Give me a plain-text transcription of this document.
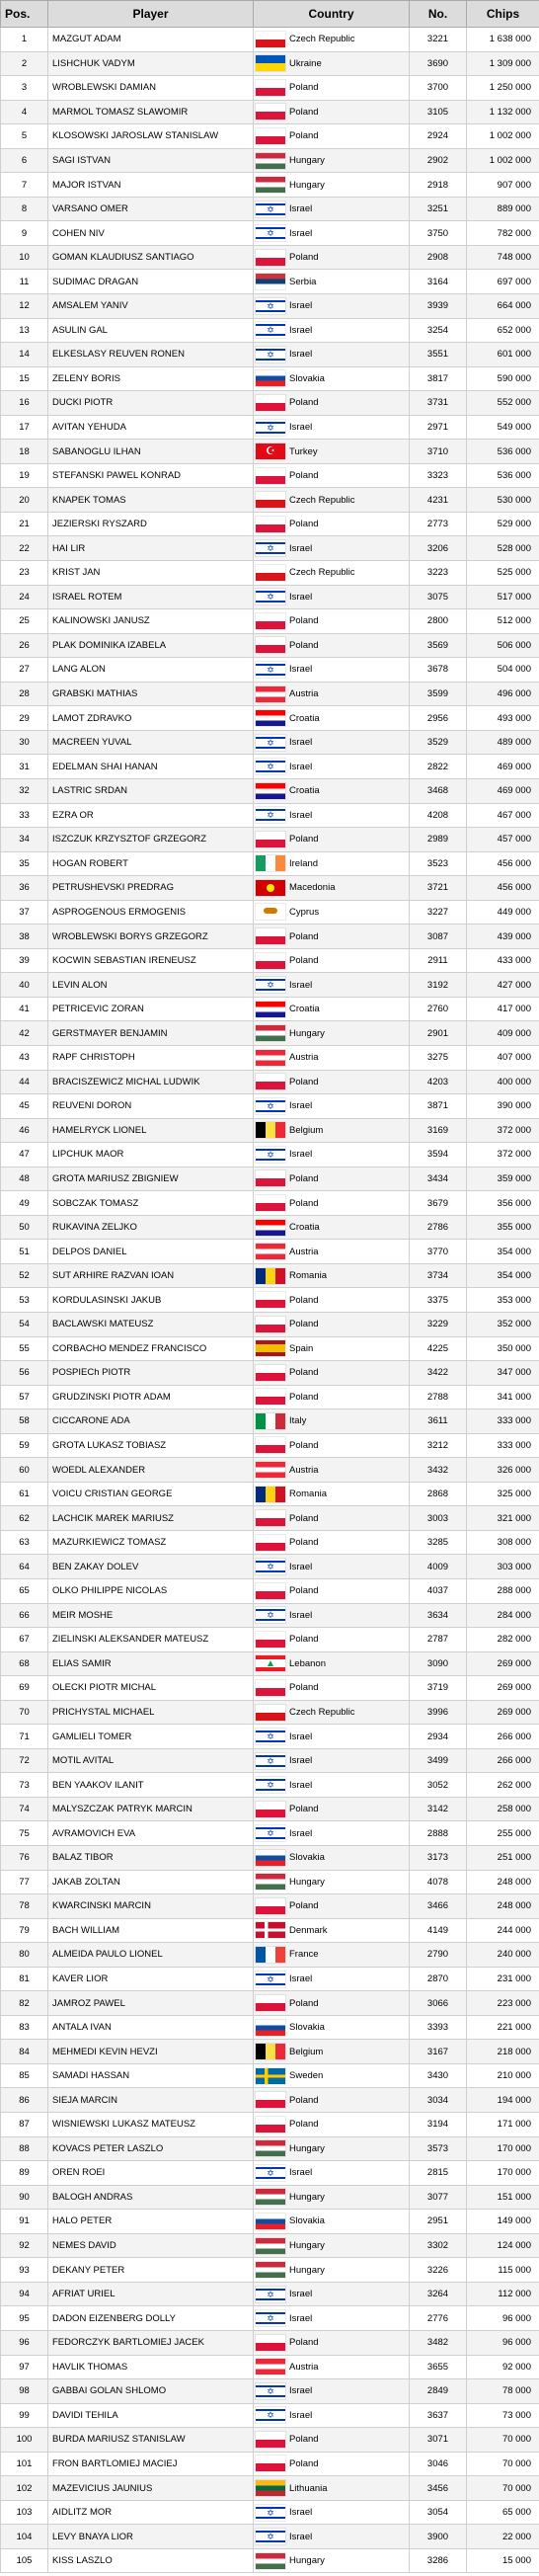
Pos.	Player	Country	No.	Chips
1	MAZGUT ADAM	Czech Republic	3221	1 638 000
2	LISHCHUK VADYM	Ukraine	3690	1 309 000
3	WROBLEWSKI DAMIAN	Poland	3700	1 250 000
4	MARMOL TOMASZ SLAWOMIR	Poland	3105	1 132 000
5	KLOSOWSKI JAROSLAW STANISLAW	Poland	2924	1 002 000
6	SAGI ISTVAN	Hungary	2902	1 002 000
7	MAJOR ISTVAN	Hungary	2918	907 000
8	VARSANO OMER	✡ Israel	3251	889 000
9	COHEN NIV	✡ Israel	3750	782 000
10	GOMAN KLAUDIUSZ SANTIAGO	Poland	2908	748 000
11	SUDIMAC DRAGAN	Serbia	3164	697 000
12	AMSALEM YANIV	✡ Israel	3939	664 000
13	ASULIN GAL	✡ Israel	3254	652 000
14	ELKESLASY REUVEN RONEN	✡ Israel	3551	601 000
15	ZELENY BORIS	Slovakia	3817	590 000
16	DUCKI PIOTR	Poland	3731	552 000
17	AVITAN YEHUDA	✡ Israel	2971	549 000
18	SABANOGLU ILHAN	☪ Turkey	3710	536 000
19	STEFANSKI PAWEL KONRAD	Poland	3323	536 000
20	KNAPEK TOMAS	Czech Republic	4231	530 000
21	JEZIERSKI RYSZARD	Poland	2773	529 000
22	HAI LIR	✡ Israel	3206	528 000
23	KRIST JAN	Czech Republic	3223	525 000
24	ISRAEL ROTEM	✡ Israel	3075	517 000
25	KALINOWSKI JANUSZ	Poland	2800	512 000
26	PLAK DOMINIKA IZABELA	Poland	3569	506 000
27	LANG ALON	✡ Israel	3678	504 000
28	GRABSKI MATHIAS	Austria	3599	496 000
29	LAMOT ZDRAVKO	Croatia	2956	493 000
30	MACREEN YUVAL	✡ Israel	3529	489 000
31	EDELMAN SHAI HANAN	✡ Israel	2822	469 000
32	LASTRIC SRDAN	Croatia	3468	469 000
33	EZRA OR	✡ Israel	4208	467 000
34	ISZCZUK KRZYSZTOF GRZEGORZ	Poland	2989	457 000
35	HOGAN ROBERT	Ireland	3523	456 000
36	PETRUSHEVSKI PREDRAG	Macedonia	3721	456 000
37	ASPROGENOUS ERMOGENIS	Cyprus	3227	449 000
38	WROBLEWSKI BORYS GRZEGORZ	Poland	3087	439 000
39	KOCWIN SEBASTIAN IRENEUSZ	Poland	2911	433 000
40	LEVIN ALON	✡ Israel	3192	427 000
41	PETRICEVIC ZORAN	Croatia	2760	417 000
42	GERSTMAYER BENJAMIN	Hungary	2901	409 000
43	RAPF CHRISTOPH	Austria	3275	407 000
44	BRACISZEWICZ MICHAL LUDWIK	Poland	4203	400 000
45	REUVENI DORON	✡ Israel	3871	390 000
46	HAMELRYCK LIONEL	Belgium	3169	372 000
47	LIPCHUK MAOR	✡ Israel	3594	372 000
48	GROTA MARIUSZ ZBIGNIEW	Poland	3434	359 000
49	SOBCZAK TOMASZ	Poland	3679	356 000
50	RUKAVINA ZELJKO	Croatia	2786	355 000
51	DELPOS DANIEL	Austria	3770	354 000
52	SUT ARHIRE RAZVAN IOAN	Romania	3734	354 000
53	KORDULASINSKI JAKUB	Poland	3375	353 000
54	BACLAWSKI MATEUSZ	Poland	3229	352 000
55	CORBACHO MENDEZ FRANCISCO	Spain	4225	350 000
56	POSPIECh PIOTR	Poland	3422	347 000
57	GRUDZINSKI PIOTR ADAM	Poland	2788	341 000
58	CICCARONE ADA	Italy	3611	333 000
59	GROTA LUKASZ TOBIASZ	Poland	3212	333 000
60	WOEDL ALEXANDER	Austria	3432	326 000
61	VOICU CRISTIAN GEORGE	Romania	2868	325 000
62	LACHCIK MAREK MARIUSZ	Poland	3003	321 000
63	MAZURKIEWICZ TOMASZ	Poland	3285	308 000
64	BEN ZAKAY DOLEV	✡ Israel	4009	303 000
65	OLKO PHILIPPE NICOLAS	Poland	4037	288 000
66	MEIR MOSHE	✡ Israel	3634	284 000
67	ZIELINSKI ALEKSANDER MATEUSZ	Poland	2787	282 000
68	ELIAS SAMIR	Lebanon	3090	269 000
69	OLECKI PIOTR MICHAL	Poland	3719	269 000
70	PRICHYSTAL MICHAEL	Czech Republic	3996	269 000
71	GAMLIELI TOMER	✡ Israel	2934	266 000
72	MOTIL AVITAL	✡ Israel	3499	266 000
73	BEN YAAKOV ILANIT	✡ Israel	3052	262 000
74	MALYSZCZAK PATRYK MARCIN	Poland	3142	258 000
75	AVRAMOVICH EVA	✡ Israel	2888	255 000
76	BALAZ TIBOR	Slovakia	3173	251 000
77	JAKAB ZOLTAN	Hungary	4078	248 000
78	KWARCINSKI MARCIN	Poland	3466	248 000
79	BACH WILLIAM	Denmark	4149	244 000
80	ALMEIDA PAULO LIONEL	France	2790	240 000
81	KAVER LIOR	✡ Israel	2870	231 000
82	JAMROZ PAWEL	Poland	3066	223 000
83	ANTALA IVAN	Slovakia	3393	221 000
84	MEHMEDI KEVIN HEVZI	Belgium	3167	218 000
85	SAMADI HASSAN	Sweden	3430	210 000
86	SIEJA MARCIN	Poland	3034	194 000
87	WISNIEWSKI LUKASZ MATEUSZ	Poland	3194	171 000
88	KOVACS PETER LASZLO	Hungary	3573	170 000
89	OREN ROEI	✡ Israel	2815	170 000
90	BALOGH ANDRAS	Hungary	3077	151 000
91	HALO PETER	Slovakia	2951	149 000
92	NEMES DAVID	Hungary	3302	124 000
93	DEKANY PETER	Hungary	3226	115 000
94	AFRIAT URIEL	✡ Israel	3264	112 000
95	DADON EIZENBERG DOLLY	✡ Israel	2776	96 000
96	FEDORCZYK BARTLOMIEJ JACEK	Poland	3482	96 000
97	HAVLIK THOMAS	Austria	3655	92 000
98	GABBAI GOLAN SHLOMO	✡ Israel	2849	78 000
99	DAVIDI TEHILA	✡ Israel	3637	73 000
100	BURDA MARIUSZ STANISLAW	Poland	3071	70 000
101	FRON BARTLOMIEJ MACIEJ	Poland	3046	70 000
102	MAZEVICIUS JAUNIUS	Lithuania	3456	70 000
103	AIDLITZ MOR	✡ Israel	3054	65 000
104	LEVY BNAYA LIOR	✡ Israel	3900	22 000
105	KISS LASZLO	Hungary	3286	15 000
